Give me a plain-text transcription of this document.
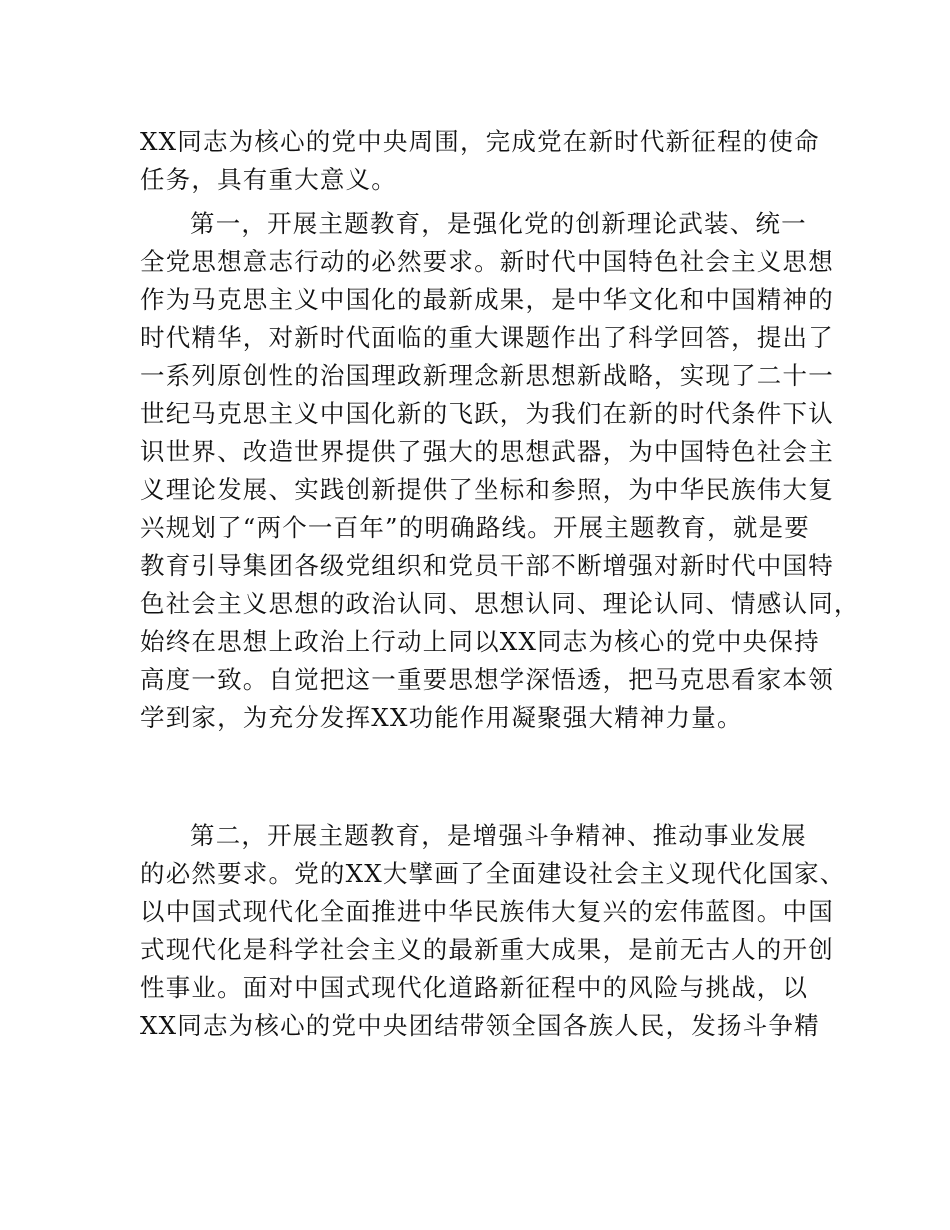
XX同志为核心的党中央周围，完成党在新时代新征程的使命
任务，具有重大意义。
第一，开展主题教育，是强化党的创新理论武装、统一
全党思想意志行动的必然要求。新时代中国特色社会主义思想
作为马克思主义中国化的最新成果，是中华文化和中国精神的
时代精华，对新时代面临的重大课题作出了科学回答，提出了
一系列原创性的治国理政新理念新思想新战略，实现了二十一
世纪马克思主义中国化新的飞跃，为我们在新的时代条件下认
识世界、改造世界提供了强大的思想武器，为中国特色社会主
义理论发展、实践创新提供了坐标和参照，为中华民族伟大复
兴规划了“两个一百年”的明确路线。开展主题教育，就是要
教育引导集团各级党组织和党员干部不断增强对新时代中国特
色社会主义思想的政治认同、思想认同、理论认同、情感认同，
始终在思想上政治上行动上同以XX同志为核心的党中央保持
高度一致。自觉把这一重要思想学深悟透，把马克思看家本领
学到家，为充分发挥XX功能作用凝聚强大精神力量。
第二，开展主题教育，是增强斗争精神、推动事业发展
的必然要求。党的XX大擘画了全面建设社会主义现代化国家、
以中国式现代化全面推进中华民族伟大复兴的宏伟蓝图。中国
式现代化是科学社会主义的最新重大成果，是前无古人的开创
性事业。面对中国式现代化道路新征程中的风险与挑战，以
XX同志为核心的党中央团结带领全国各族人民，发扬斗争精
